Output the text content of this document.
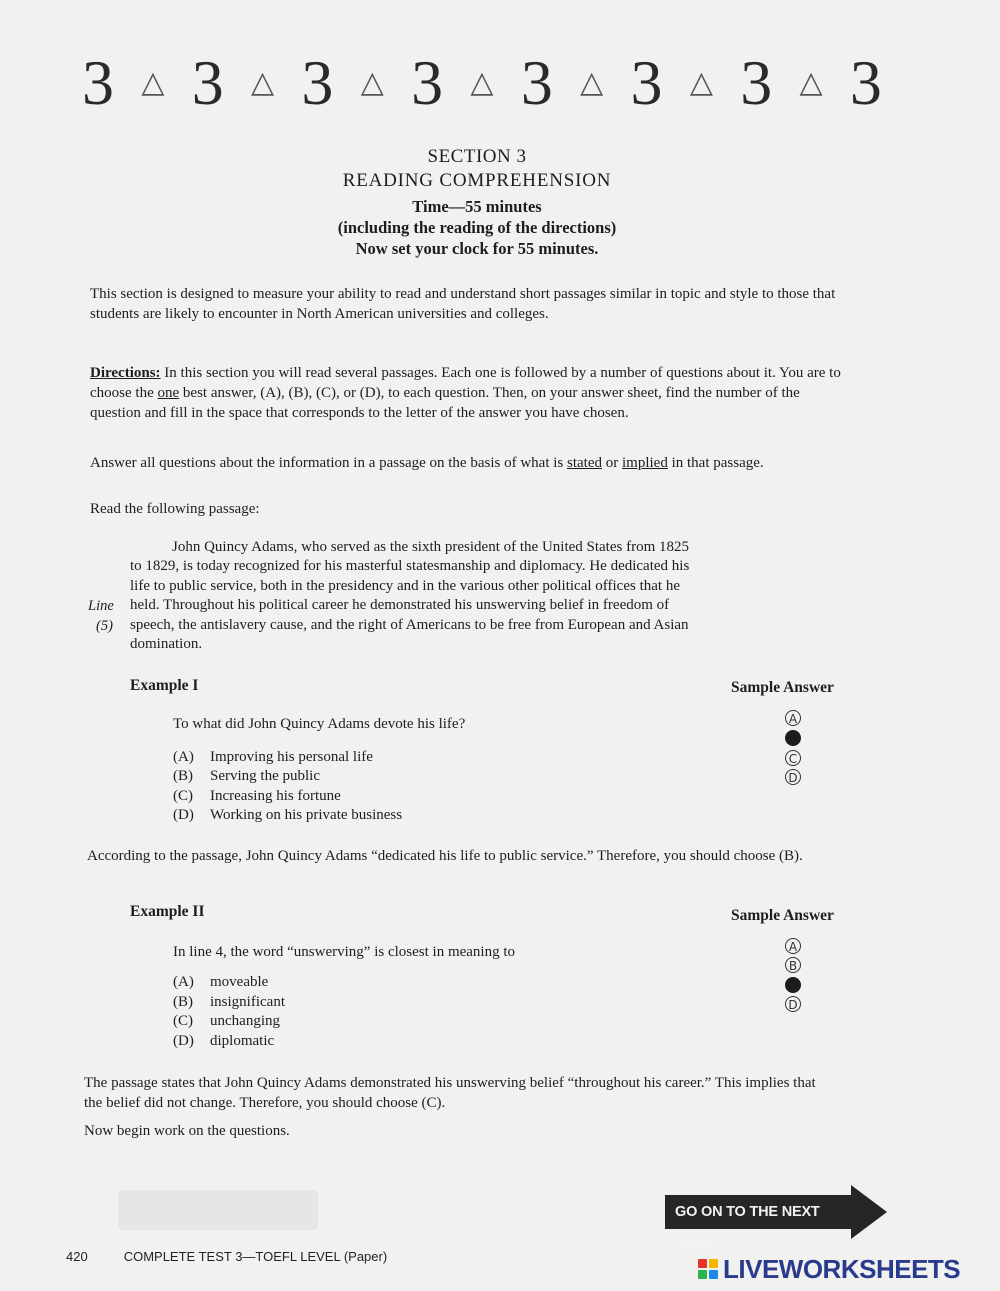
3 △ 3 △ 3 △ 3 △ 3 △ 3 △ 3 △ 3
SECTION 3
READING COMPREHENSION
Time—55 minutes
(including the reading of the directions)
Now set your clock for 55 minutes.

This section is designed to measure your ability to read and understand short passages similar in topic and style to those that students are likely to encounter in North American universities and colleges.

Directions: In this section you will read several passages. Each one is followed by a number of questions about it. You are to choose the one best answer, (A), (B), (C), or (D), to each question. Then, on your answer sheet, find the number of the question and fill in the space that corresponds to the letter of the answer you have chosen.

Answer all questions about the information in a passage on the basis of what is stated or implied in that passage.

Read the following passage:

John Quincy Adams, who served as the sixth president of the United States from 1825
to 1829, is today recognized for his masterful statesmanship and diplomacy. He dedicated his
life to public service, both in the presidency and in the various other political offices that he
held. Throughout his political career he demonstrated his unswerving belief in freedom of
speech, the antislavery cause, and the right of Americans to be free from European and Asian
domination.
Line
(5)
Example I	Sample Answer
To what did John Quincy Adams devote his life?
(A) Improving his personal life
(B) Serving the public
(C) Increasing his fortune
(D) Working on his private business
A
C
D

According to the passage, John Quincy Adams “dedicated his life to public service.” Therefore, you should choose (B).

Example II	Sample Answer
In line 4, the word “unswerving” is closest in meaning to
(A) moveable
(B) insignificant
(C) unchanging
(D) diplomatic
A
B
D

The passage states that John Quincy Adams demonstrated his unswerving belief “throughout his career.” This implies that the belief did not change. Therefore, you should choose (C).

Now begin work on the questions.

GO ON TO THE NEXT PAGE
420	COMPLETE TEST 3—TOEFL LEVEL (Paper)	LIVEWORKSHEETS
